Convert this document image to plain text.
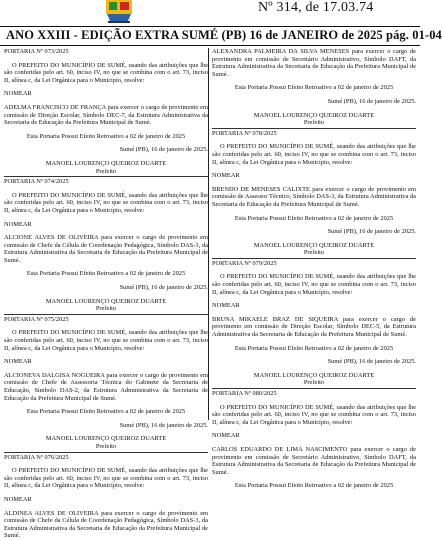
Nº 314, de 17.03.74
ANO XXIII - EDIÇÃO EXTRA SUMÉ (PB) 16 de JANEIRO de 2025 pág. 01-04
PORTARIA Nº 073/2025
O PREFEITO DO MUNICÍPIO DE SUMÉ, usando das atribuições que lhe são conferidas pelo art. 60, inciso IV, no que se combina com o art. 73, inciso II, alínea c, da Lei Orgânica para o Município, resolve:
NOMEAR
ADELMA FRANCISCO DE FRANÇA para exercer o cargo de provimento em comissão de Direção Escolar, Símbolo DEC-7, da Estrutura Administrativa da Secretaria de Educação da Prefeitura Municipal de Sumé.
Esta Portaria Possui Efeito Retroativo a 02 de janeiro de 2025
Sumé (PB), 16 de janeiro de 2025.
MANOEL LOURENÇO QUEIROZ DUARTE
Prefeito
PORTARIA Nº 074/2025
O PREFEITO DO MUNICÍPIO DE SUMÉ, usando das atribuições que lhe são conferidas pelo art. 60, inciso IV, no que se combina com o art. 73, inciso II, alínea c, da Lei Orgânica para o Município, resolve:
NOMEAR
ALCIONE ALVES DE OLIVEIRA para exercer o cargo de provimento em comissão de Chefe da Célula de Coordenação Pedagógica, Símbolo DAS-3, da Estrutura Administrativa da Secretaria de Educação da Prefeitura Municipal de Sumé.
Esta Portaria Possui Efeito Retroativo a 02 de janeiro de 2025
Sumé (PB), 16 de janeiro de 2025.
MANOEL LOURENÇO QUEIROZ DUARTE
Prefeito
PORTARIA Nº 075/2025
O PREFEITO DO MUNICÍPIO DE SUMÉ, usando das atribuições que lhe são conferidas pelo art. 60, inciso IV, no que se combina com o art. 73, inciso II, alínea c, da Lei Orgânica para o Município, resolve:
NOMEAR
ALCIONEVA DALGISA NOGUEIRA para exercer o cargo de provimento em comissão de Chefe de Assessoria Técnica do Gabinete da Secretaria de Educação, Símbolo DAS-2, da Estrutura Administrativa da Secretaria de Educação da Prefeitura Municipal de Sumé.
Esta Portaria Possui Efeito Retroativo a 02 de janeiro de 2025
Sumé (PB), 16 de janeiro de 2025.
MANOEL LOURENÇO QUEIROZ DUARTE
Prefeito
PORTARIA Nº 076/2025
O PREFEITO DO MUNICÍPIO DE SUMÉ, usando das atribuições que lhe são conferidas pelo art. 60, inciso IV, no que se combina com o art. 73, inciso II, alínea c, da Lei Orgânica para o Município, resolve:
NOMEAR
ALDINEA ALVES DE OLIVEIRA para exercer o cargo de provimento em comissão de Chefe da Célula de Coordenação Pedagógica, Símbolo DAS-3, da Estrutura Administrativa da Secretaria de Educação da Prefeitura Municipal de Sumé.
ALEXANDRA PALMEIRA DA SILVA MENESES para exercer o cargo de provimento em comissão de Secretário Administrativo, Símbolo DAFT, da Estrutura Administrativa da Secretaria de Educação da Prefeitura Municipal de Sumé.
Esta Portaria Possui Efeito Retroativo a 02 de janeiro de 2025
Sumé (PB), 16 de janeiro de 2025.
MANOEL LOURENÇO QUEIROZ DUARTE
Prefeito
PORTARIA Nº 078/2025
O PREFEITO DO MUNICÍPIO DE SUMÉ, usando das atribuições que lhe são conferidas pelo art. 60, inciso IV, no que se combina com o art. 73, inciso II, alínea c, da Lei Orgânica para o Município, resolve:
NOMEAR
BRENDO DE MENESES CALIXTE para exercer o cargo de provimento em comissão de Assessor Técnico, Símbolo DAS-3, da Estrutura Administrativa da Secretaria de Educação da Prefeitura Municipal de Sumé.
Esta Portaria Possui Efeito Retroativo a 02 de janeiro de 2025
Sumé (PB), 16 de janeiro de 2025.
MANOEL LOURENÇO QUEIROZ DUARTE
Prefeito
PORTARIA Nº 079/2025
O PREFEITO DO MUNICÍPIO DE SUMÉ, usando das atribuições que lhe são conferidas pelo art. 60, inciso IV, no que se combina com o art. 73, inciso II, alínea c, da Lei Orgânica para o Município, resolve:
NOMEAR
BRUNA MIKAELE BRAZ DE SIQUEIRA para exercer o cargo de provimento em comissão de Direção Escolar, Símbolo DEC-5, da Estrutura Administrativa da Secretaria de Educação da Prefeitura Municipal de Sumé.
Esta Portaria Possui Efeito Retroativo a 02 de janeiro de 2025
Sumé (PB), 16 de janeiro de 2025.
MANOEL LOURENÇO QUEIROZ DUARTE
Prefeito
PORTARIA Nº 080/2025
O PREFEITO DO MUNICÍPIO DE SUMÉ, usando das atribuições que lhe são conferidas pelo art. 60, inciso IV, no que se combina com o art. 73, inciso II, alínea c, da Lei Orgânica para o Município, resolve:
NOMEAR
CARLOS EDUARDO DE LIMA NASCIMENTO para exercer o cargo de provimento em comissão de Secretário Administrativo, Símbolo DAFT, da Estrutura Administrativa da Secretaria de Educação da Prefeitura Municipal de Sumé.
Esta Portaria Possui Efeito Retroativo a 02 de janeiro de 2025
